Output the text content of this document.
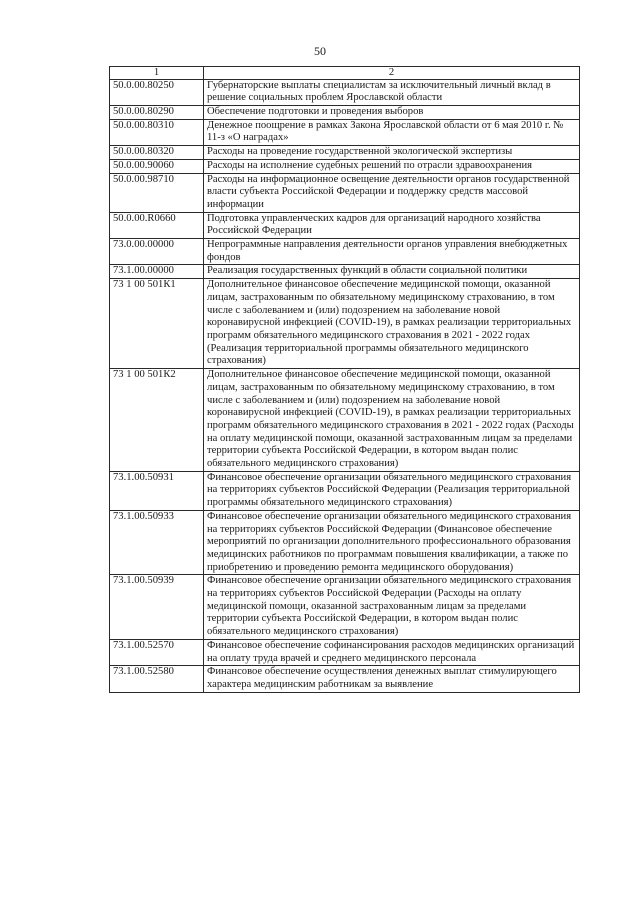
50
1	2
50.0.00.80250	Губернаторские выплаты специалистам за исключительный личный вклад в решение социальных проблем Ярославской области
50.0.00.80290	Обеспечение подготовки и проведения выборов
50.0.00.80310	Денежное поощрение в рамках Закона Ярославской области от 6 мая 2010 г. № 11-з «О наградах»
50.0.00.80320	Расходы на проведение государственной экологической экспертизы
50.0.00.90060	Расходы на исполнение судебных решений по отрасли здравоохранения
50.0.00.98710	Расходы на информационное освещение деятельности органов государственной власти субъекта Российской Федерации и поддержку средств массовой информации
50.0.00.R0660	Подготовка управленческих кадров для организаций народного хозяйства Российской Федерации
73.0.00.00000	Непрограммные направления деятельности органов управления внебюджетных фондов
73.1.00.00000	Реализация государственных функций в области социальной политики
73 1 00 501К1	Дополнительное финансовое обеспечение медицинской помощи, оказанной лицам, застрахованным по обязательному медицинскому страхованию, в том числе с заболеванием и (или) подозрением на заболевание новой коронавирусной инфекцией (COVID-19), в рамках реализации территориальных программ обязательного медицинского страхования в 2021 - 2022 годах (Реализация территориальной программы обязательного медицинского страхования)
73 1 00 501К2	Дополнительное финансовое обеспечение медицинской помощи, оказанной лицам, застрахованным по обязательному медицинскому страхованию, в том числе с заболеванием и (или) подозрением на заболевание новой коронавирусной инфекцией (COVID-19), в рамках реализации территориальных программ обязательного медицинского страхования в 2021 - 2022 годах (Расходы на оплату медицинской помощи, оказанной застрахованным лицам за пределами территории субъекта Российской Федерации, в котором выдан полис обязательного медицинского страхования)
73.1.00.50931	Финансовое обеспечение организации обязательного медицинского страхования на территориях субъектов Российской Федерации (Реализация территориальной программы обязательного медицинского страхования)
73.1.00.50933	Финансовое обеспечение организации обязательного медицинского страхования на территориях субъектов Российской Федерации (Финансовое обеспечение мероприятий по организации дополнительного профессионального образования медицинских работников по программам повышения квалификации, а также по приобретению и проведению ремонта медицинского оборудования)
73.1.00.50939	Финансовое обеспечение организации обязательного медицинского страхования на территориях субъектов Российской Федерации (Расходы на оплату медицинской помощи, оказанной застрахованным лицам за пределами территории субъекта Российской Федерации, в котором выдан полис обязательного медицинского страхования)
73.1.00.52570	Финансовое обеспечение софинансирования расходов медицинских организаций на оплату труда врачей и среднего медицинского персонала
73.1.00.52580	Финансовое обеспечение осуществления денежных выплат стимулирующего характера медицинским работникам за выявление
